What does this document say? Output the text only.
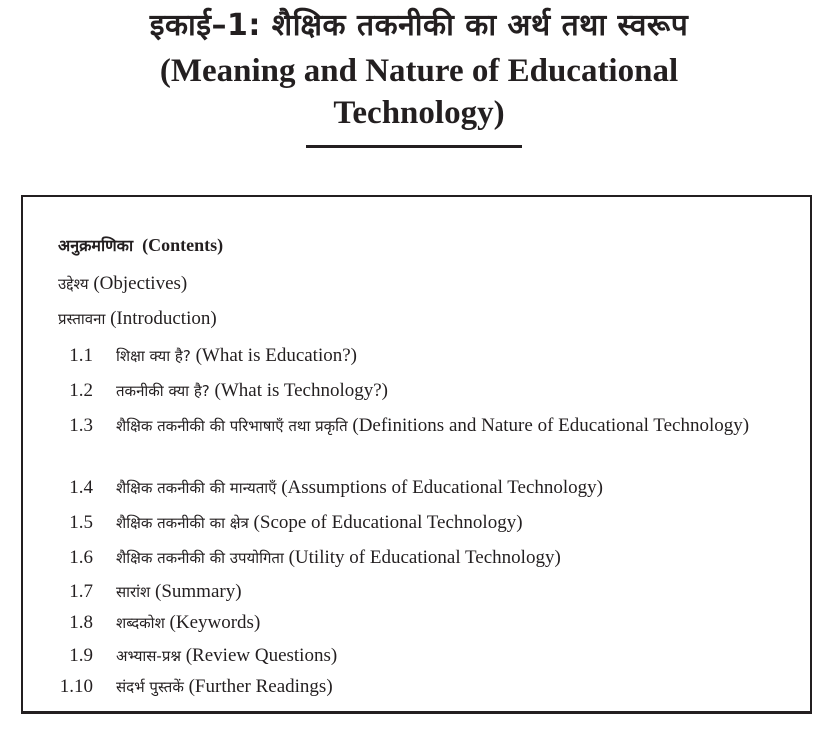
इकाई–1: शैक्षिक तकनीकी का अर्थ तथा स्वरूप
(Meaning and Nature of Educational
Technology)
अनुक्रमणिका (Contents)
उद्देश्य (Objectives)
प्रस्तावना (Introduction)
1.1 शिक्षा क्या है? (What is Education?)
1.2 तकनीकी क्या है? (What is Technology?)
1.3 शैक्षिक तकनीकी की परिभाषाएँ तथा प्रकृति (Definitions and Nature of Educational Technology)
1.4 शैक्षिक तकनीकी की मान्यताएँ (Assumptions of Educational Technology)
1.5 शैक्षिक तकनीकी का क्षेत्र (Scope of Educational Technology)
1.6 शैक्षिक तकनीकी की उपयोगिता (Utility of Educational Technology)
1.7 सारांश (Summary)
1.8 शब्दकोश (Keywords)
1.9 अभ्यास-प्रश्न (Review Questions)
1.10 संदर्भ पुस्तकें (Further Readings)
